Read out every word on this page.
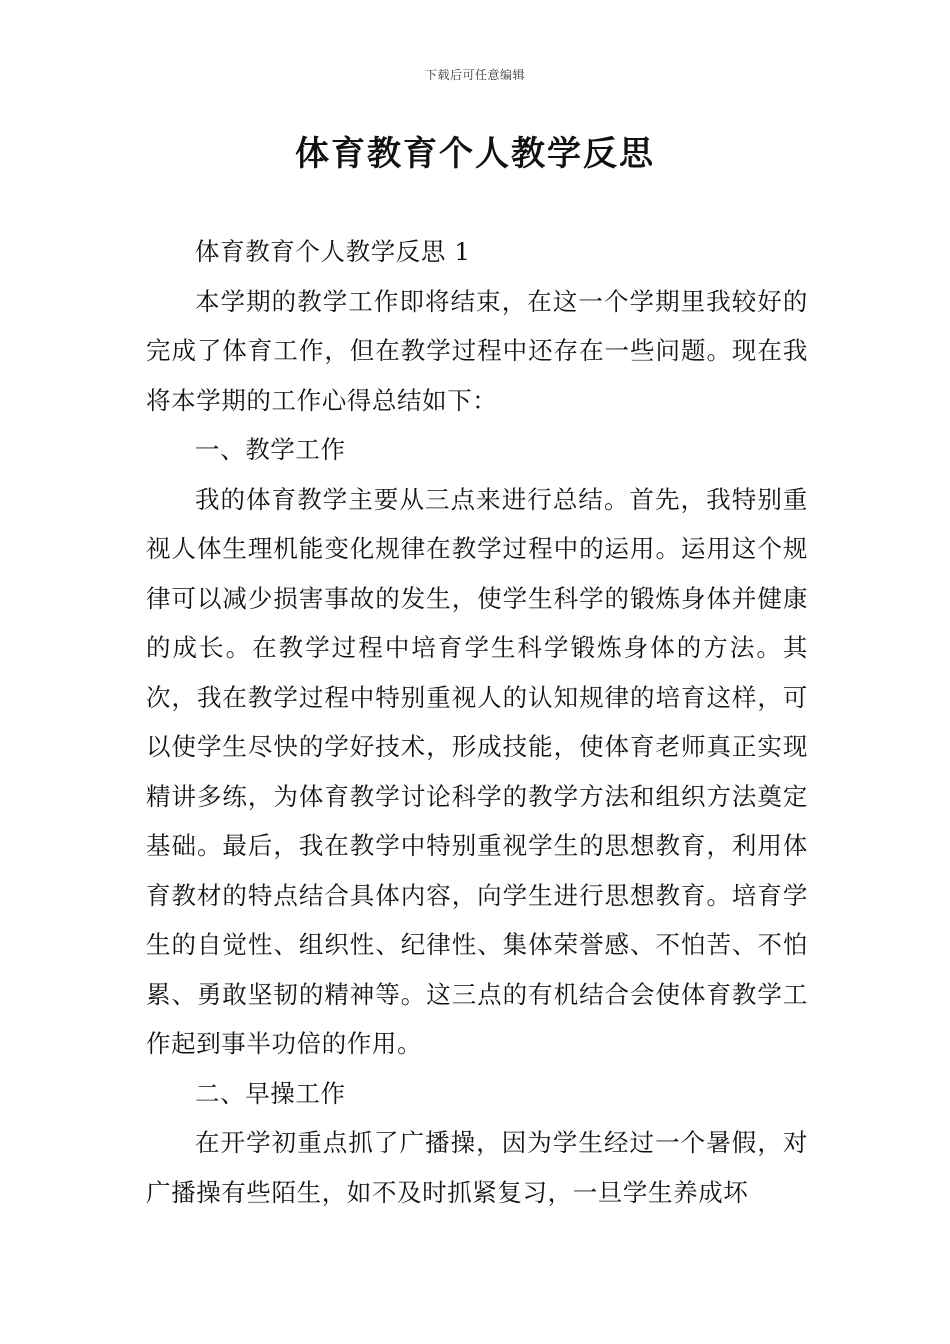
下载后可任意编辑
体育教育个人教学反思

体育教育个人教学反思 1

本学期的教学工作即将结束，在这一个学期里我较好的完成了体育工作，但在教学过程中还存在一些问题。现在我将本学期的工作心得总结如下：

一、教学工作

我的体育教学主要从三点来进行总结。首先，我特别重视人体生理机能变化规律在教学过程中的运用。运用这个规律可以减少损害事故的发生，使学生科学的锻炼身体并健康的成长。在教学过程中培育学生科学锻炼身体的方法。其次，我在教学过程中特别重视人的认知规律的培育这样，可以使学生尽快的学好技术，形成技能，使体育老师真正实现精讲多练，为体育教学讨论科学的教学方法和组织方法奠定基础。最后，我在教学中特别重视学生的思想教育，利用体育教材的特点结合具体内容，向学生进行思想教育。培育学生的自觉性、组织性、纪律性、集体荣誉感、不怕苦、不怕累、勇敢坚韧的精神等。这三点的有机结合会使体育教学工作起到事半功倍的作用。

二、早操工作

在开学初重点抓了广播操，因为学生经过一个暑假，对广播操有些陌生，如不及时抓紧复习，一旦学生养成坏
